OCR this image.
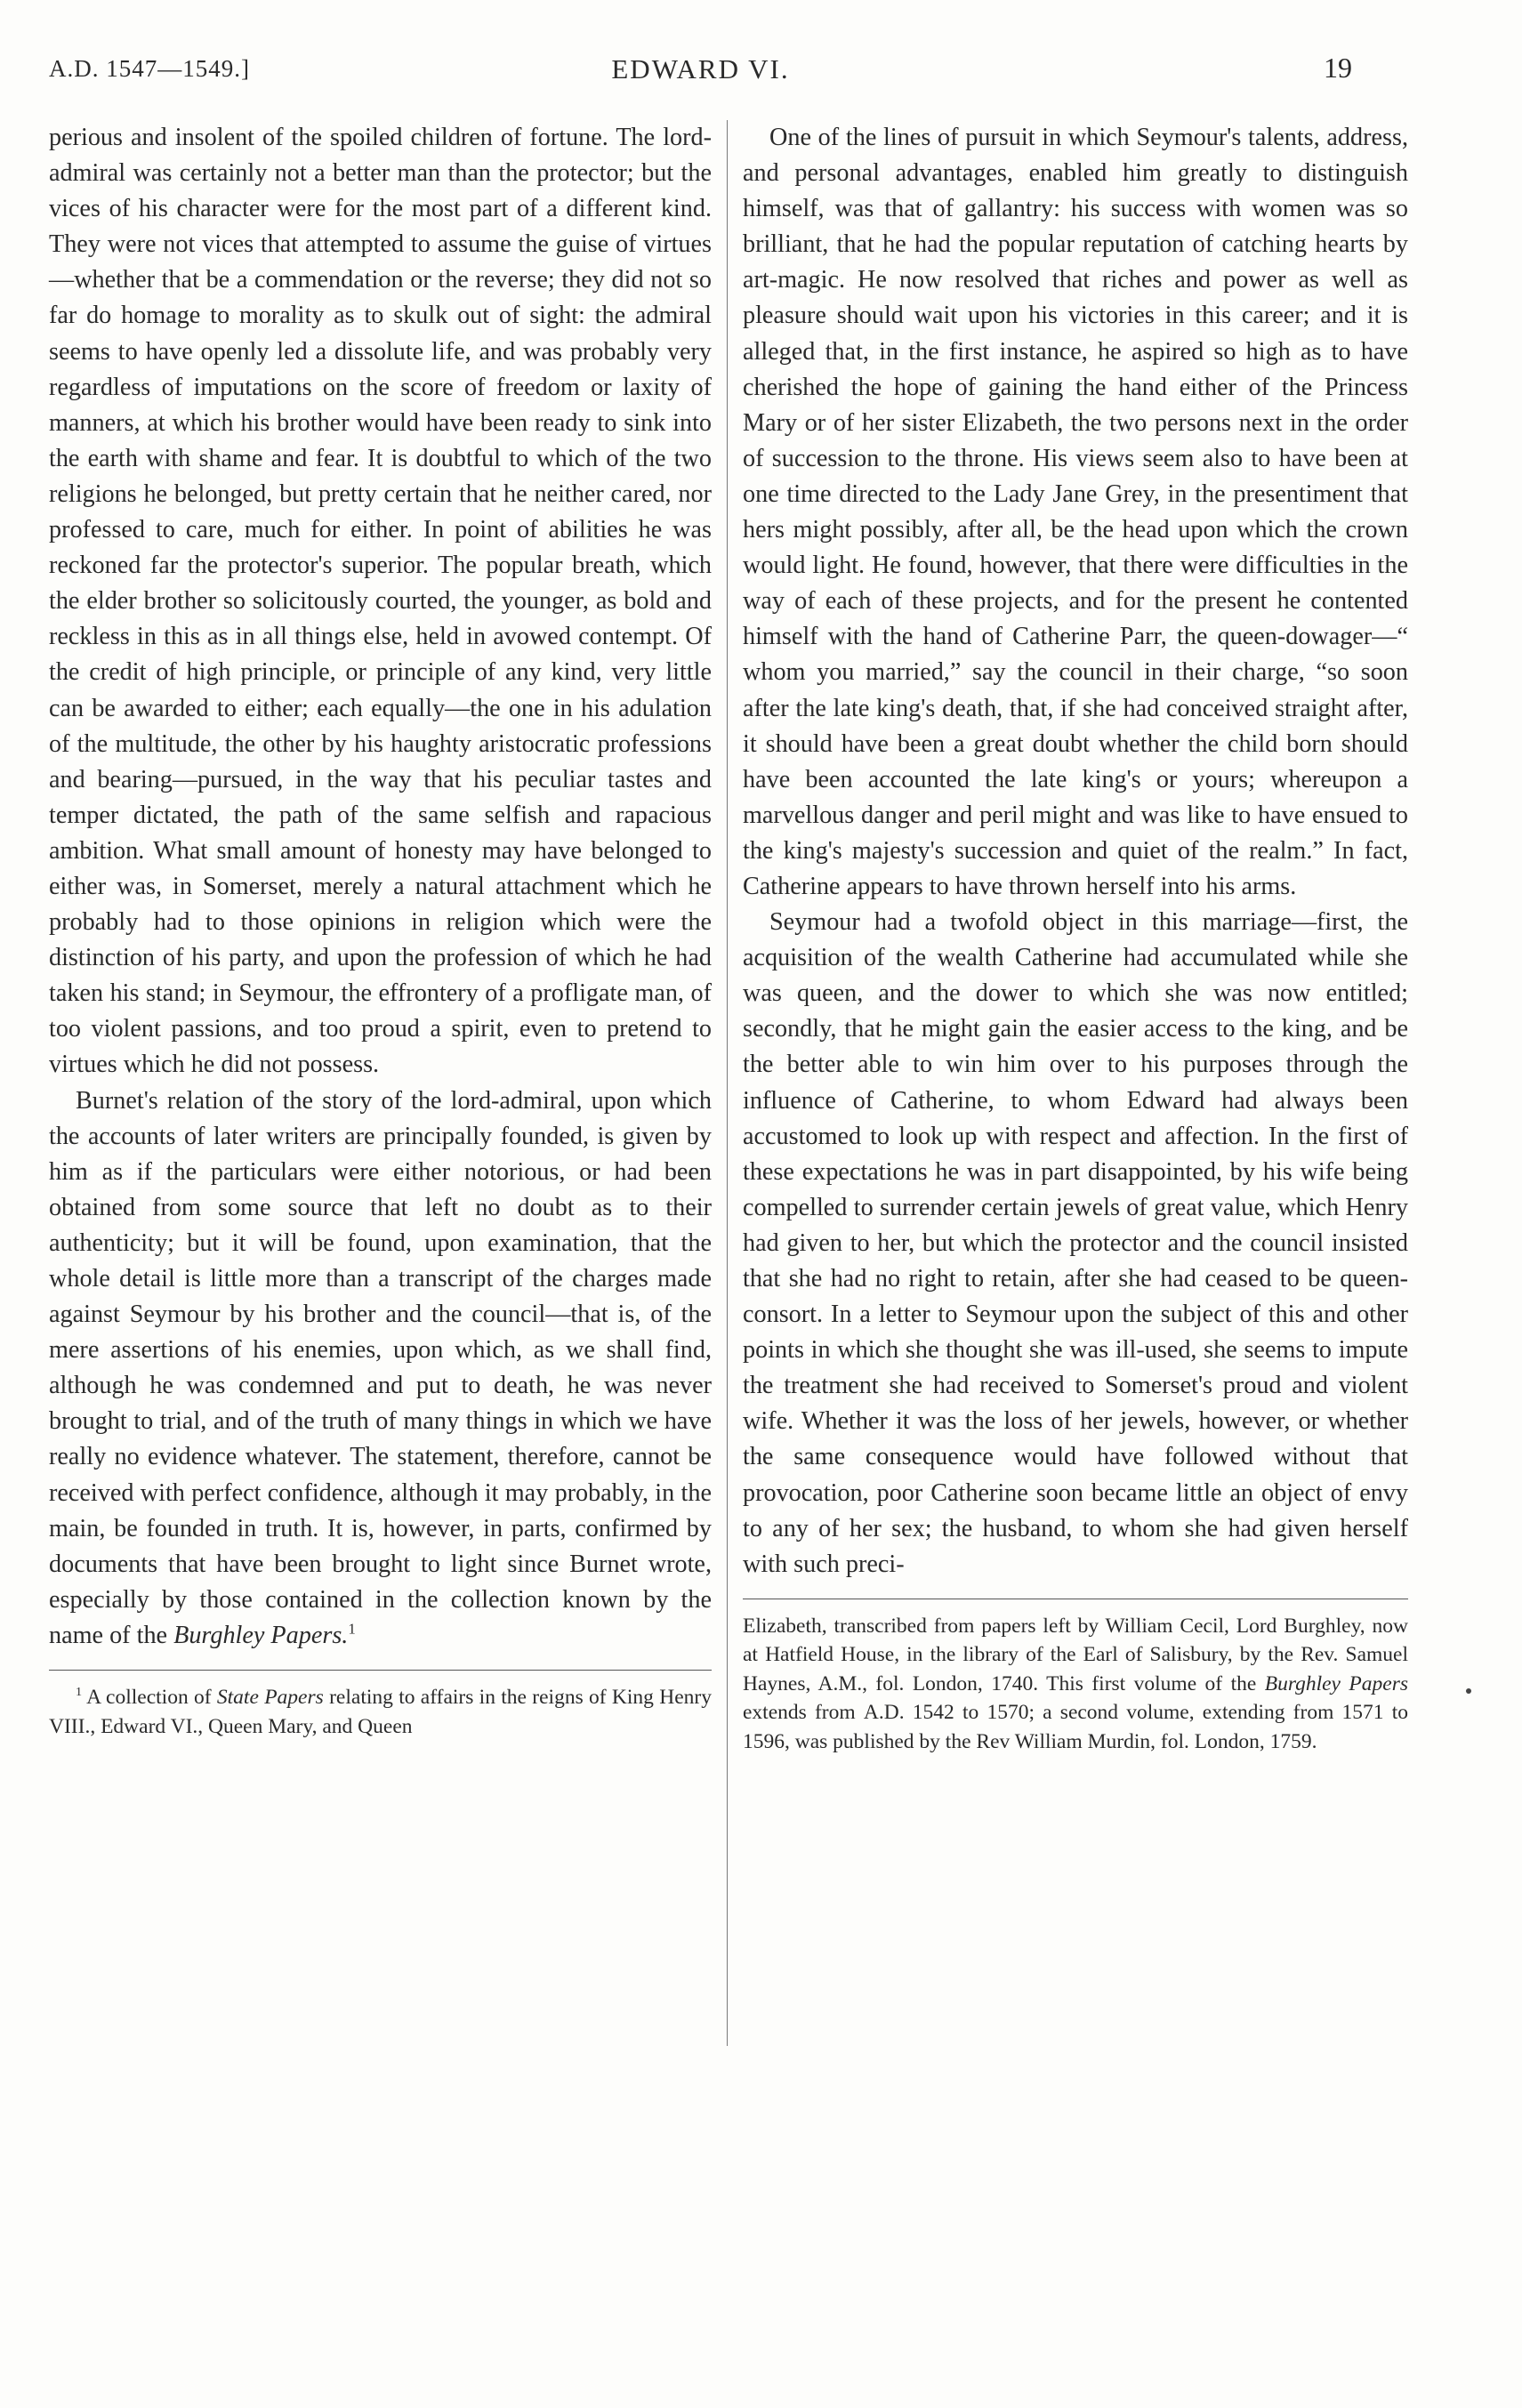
A.D. 1547—1549.]	EDWARD VI.	19

perious and insolent of the spoiled children of fortune. The lord-admiral was certainly not a better man than the protector; but the vices of his character were for the most part of a different kind. They were not vices that attempted to assume the guise of virtues—whether that be a commendation or the reverse; they did not so far do homage to morality as to skulk out of sight: the admiral seems to have openly led a dissolute life, and was probably very regardless of imputations on the score of freedom or laxity of manners, at which his brother would have been ready to sink into the earth with shame and fear. It is doubtful to which of the two religions he belonged, but pretty certain that he neither cared, nor professed to care, much for either. In point of abilities he was reckoned far the protector's superior. The popular breath, which the elder brother so solicitously courted, the younger, as bold and reckless in this as in all things else, held in avowed contempt. Of the credit of high principle, or principle of any kind, very little can be awarded to either; each equally—the one in his adulation of the multitude, the other by his haughty aristocratic professions and bearing—pursued, in the way that his peculiar tastes and temper dictated, the path of the same selfish and rapacious ambition. What small amount of honesty may have belonged to either was, in Somerset, merely a natural attachment which he probably had to those opinions in religion which were the distinction of his party, and upon the profession of which he had taken his stand; in Seymour, the effrontery of a profligate man, of too violent passions, and too proud a spirit, even to pretend to virtues which he did not possess.

Burnet's relation of the story of the lord-admiral, upon which the accounts of later writers are principally founded, is given by him as if the particulars were either notorious, or had been obtained from some source that left no doubt as to their authenticity; but it will be found, upon examination, that the whole detail is little more than a transcript of the charges made against Seymour by his brother and the council—that is, of the mere assertions of his enemies, upon which, as we shall find, although he was condemned and put to death, he was never brought to trial, and of the truth of many things in which we have really no evidence whatever. The statement, therefore, cannot be received with perfect confidence, although it may probably, in the main, be founded in truth. It is, however, in parts, confirmed by documents that have been brought to light since Burnet wrote, especially by those contained in the collection known by the name of the Burghley Papers.$^1$

$^1$ A collection of State Papers relating to affairs in the reigns of King Henry VIII., Edward VI., Queen Mary, and Queen

One of the lines of pursuit in which Seymour's talents, address, and personal advantages, enabled him greatly to distinguish himself, was that of gallantry: his success with women was so brilliant, that he had the popular reputation of catching hearts by art-magic. He now resolved that riches and power as well as pleasure should wait upon his victories in this career; and it is alleged that, in the first instance, he aspired so high as to have cherished the hope of gaining the hand either of the Princess Mary or of her sister Elizabeth, the two persons next in the order of succession to the throne. His views seem also to have been at one time directed to the Lady Jane Grey, in the presentiment that hers might possibly, after all, be the head upon which the crown would light. He found, however, that there were difficulties in the way of each of these projects, and for the present he contented himself with the hand of Catherine Parr, the queen-dowager—“ whom you married,” say the council in their charge, “so soon after the late king's death, that, if she had conceived straight after, it should have been a great doubt whether the child born should have been accounted the late king's or yours; whereupon a marvellous danger and peril might and was like to have ensued to the king's majesty's succession and quiet of the realm.” In fact, Catherine appears to have thrown herself into his arms.

Seymour had a twofold object in this marriage—first, the acquisition of the wealth Catherine had accumulated while she was queen, and the dower to which she was now entitled; secondly, that he might gain the easier access to the king, and be the better able to win him over to his purposes through the influence of Catherine, to whom Edward had always been accustomed to look up with respect and affection. In the first of these expectations he was in part disappointed, by his wife being compelled to surrender certain jewels of great value, which Henry had given to her, but which the protector and the council insisted that she had no right to retain, after she had ceased to be queen-consort. In a letter to Seymour upon the subject of this and other points in which she thought she was ill-used, she seems to impute the treatment she had received to Somerset's proud and violent wife. Whether it was the loss of her jewels, however, or whether the same consequence would have followed without that provocation, poor Catherine soon became little an object of envy to any of her sex; the husband, to whom she had given herself with such preci-

Elizabeth, transcribed from papers left by William Cecil, Lord Burghley, now at Hatfield House, in the library of the Earl of Salisbury, by the Rev. Samuel Haynes, A.M., fol. London, 1740. This first volume of the Burghley Papers extends from A.D. 1542 to 1570; a second volume, extending from 1571 to 1596, was published by the Rev William Murdin, fol. London, 1759.
